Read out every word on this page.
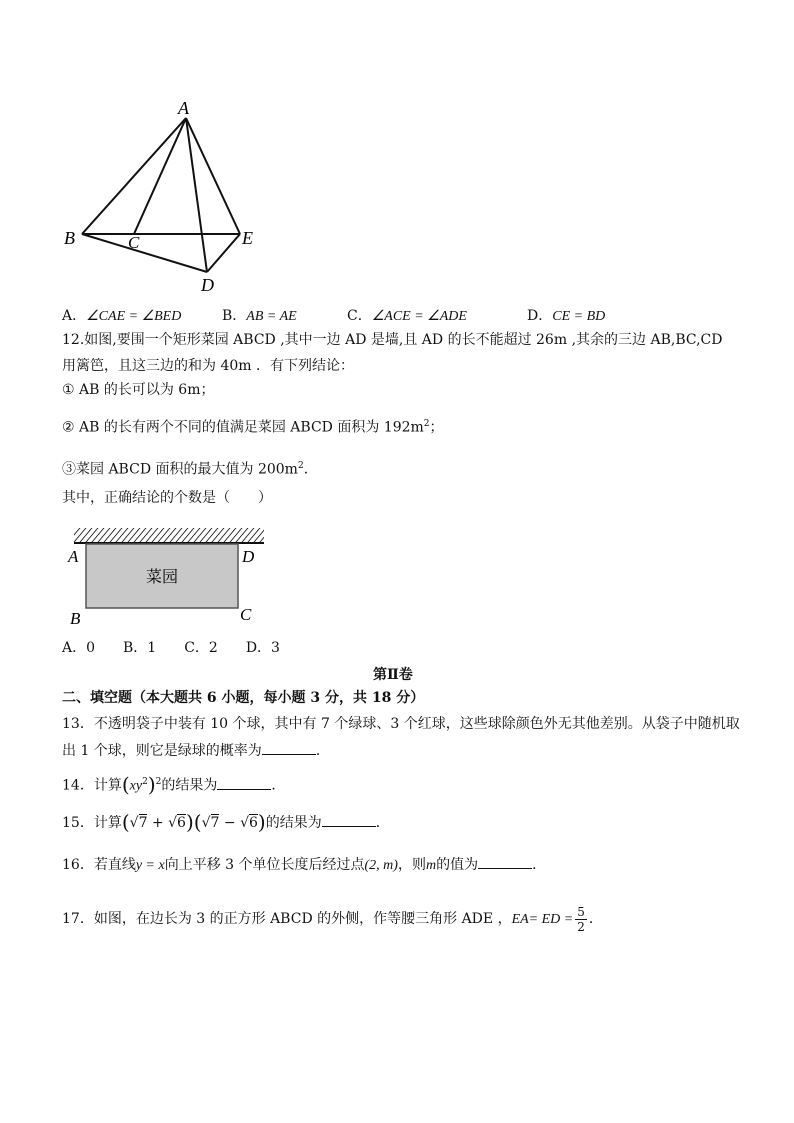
A
B	C
D
E
A．∠CAE = ∠BED	B．AB = AE	C．∠ACE = ∠ADE	D．CE = BD
12.如图,要围一个矩形菜园 ABCD ,其中一边 AD 是墙,且 AD 的长不能超过 26m ,其余的三边 AB,BC,CD
用篱笆，且这三边的和为 40m ．有下列结论：
① AB 的长可以为 6m；
② AB 的长有两个不同的值满足菜园 ABCD 面积为 $192m^2$；
③菜园 ABCD 面积的最大值为 $200m^2$．
其中，正确结论的个数是（　　）
菜园
A	D
B	C
A．0　　B．1　　C．2　　D．3
第Ⅱ卷
二、填空题（本大题共 6 小题，每小题 3 分，共 18 分）
13．不透明袋子中装有 10 个球，其中有 7 个绿球、3 个红球，这些球除颜色外无其他差别。从袋子中随机取
出 1 个球，则它是绿球的概率为	．
14．计算$(xy^2)^2$的结果为	．
15．计算(√7 + √6)(√7 − √6)的结果为	．
16．若直线y = x向上平移 3 个单位长度后经过点(2, m)，则m的值为	．
17．如图，在边长为 3 的正方形 ABCD 的外侧，作等腰三角形 ADE ，EA= ED = $\frac{5}{2}$ ．
